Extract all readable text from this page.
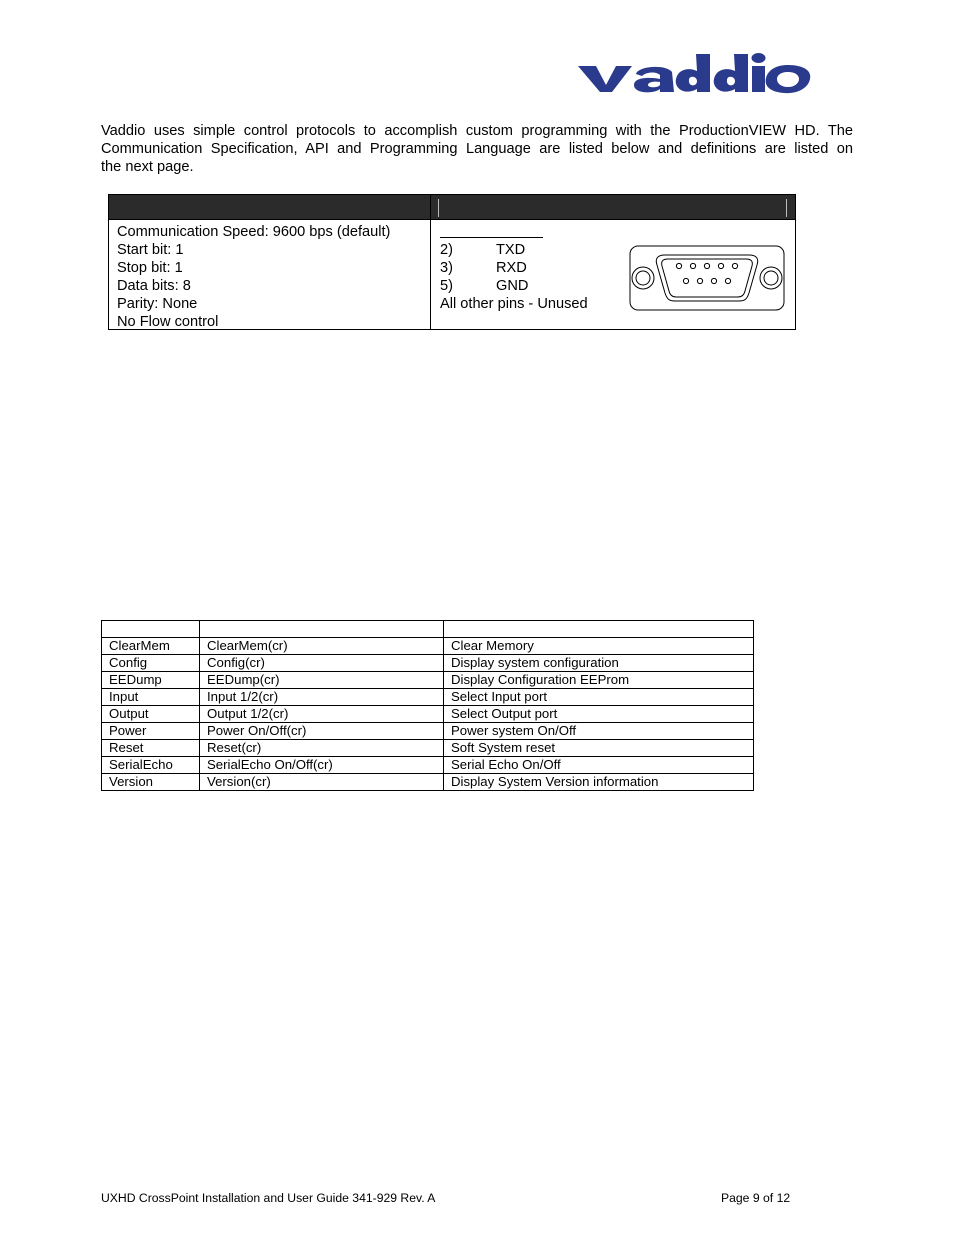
Vaddio uses simple control protocols to accomplish custom programming with the ProductionVIEW HD. The
Communication Specification, API and Programming Language are listed below and definitions are listed on
the next page.

Communication Speed: 9600 bps (default)
Start bit: 1
Stop bit: 1
Data bits: 8
Parity: None
No Flow control
2)	TXD
3)	RXD
5)	GND
All other pins - Unused

ClearMem	ClearMem(cr)	Clear Memory
Config	Config(cr)	Display system configuration
EEDump	EEDump(cr)	Display Configuration EEProm
Input	Input 1/2(cr)	Select Input port
Output	Output 1/2(cr)	Select Output port
Power	Power On/Off(cr)	Power system On/Off
Reset	Reset(cr)	Soft System reset
SerialEcho	SerialEcho On/Off(cr)	Serial Echo On/Off
Version	Version(cr)	Display System Version information
UXHD CrossPoint Installation and User Guide 341-929 Rev. A	Page 9 of 12
